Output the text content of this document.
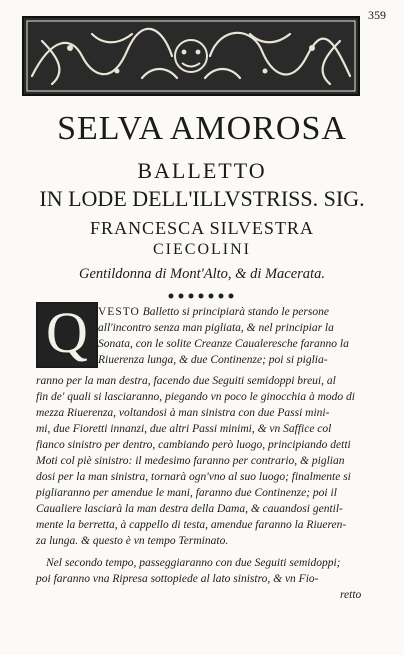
359
SELVA AMOROSA
BALLETTO
IN LODE DELL'ILLVSTRISS. SIG.
FRANCESCA SILVESTRA
CIECOLINI
Gentildonna di Mont'Alto, & di Macerata.
Q VESTO Balletto si principiarà stando le persone
all'incontro senza man pigliata, & nel principiar la
Sonata, con le solite Creanze Caualeresche faranno la
Riuerenza lunga, & due Continenze; poi si piglia-
ranno per la man destra, facendo due Seguiti semidoppi breui, al
fin de' quali si lasciaranno, piegando vn poco le ginocchia à modo di
mezza Riuerenza, voltandosi à man sinistra con due Passi mini-
mi, due Fioretti innanzi, due altri Passi minimi, & vn Saffice col
fianco sinistro per dentro, cambiando però luogo, principiando detti
Moti col piè sinistro: il medesimo faranno per contrario, & piglian
dosi per la man sinistra, tornarà ogn'vno al suo luogo; finalmente si
pigliaranno per amendue le mani, faranno due Continenze; poi il
Caualiere lasciarà la man destra della Dama, & cauandosi gentil-
mente la berretta, à cappello di testa, amendue faranno la Riueren-
za lunga. & questo è vn tempo Terminato.
Nel secondo tempo, passeggiaranno con due Seguiti semidoppi;
poi faranno vna Ripresa sottopiede al lato sinistro, & vn Fio-
retto
